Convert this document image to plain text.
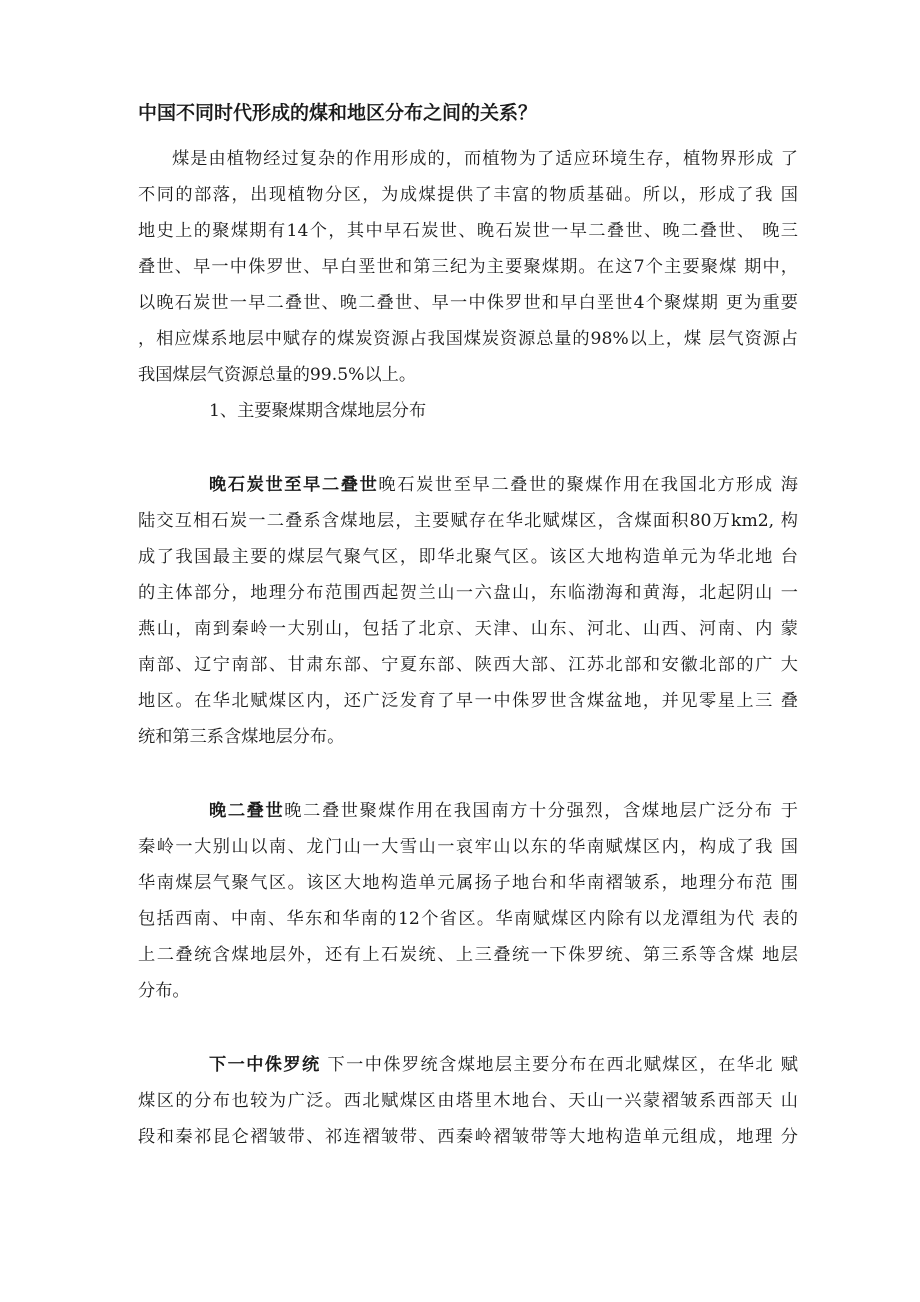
中国不同时代形成的煤和地区分布之间的关系？
煤是由植物经过复杂的作用形成的，而植物为了适应环境生存，植物界形成 了
不同的部落，出现植物分区，为成煤提供了丰富的物质基础。所以，形成了我 国
地史上的聚煤期有14个，其中早石炭世、晚石炭世一早二叠世、晚二叠世、 晚三
叠世、早一中侏罗世、早白垩世和第三纪为主要聚煤期。在这7个主要聚煤 期中，
以晚石炭世一早二叠世、晚二叠世、早一中侏罗世和早白垩世4个聚煤期 更为重要
，相应煤系地层中赋存的煤炭资源占我国煤炭资源总量的98%以上，煤 层气资源占
我国煤层气资源总量的99.5%以上。
1、主要聚煤期含煤地层分布
晚石炭世至早二叠世晚石炭世至早二叠世的聚煤作用在我国北方形成 海
陆交互相石炭一二叠系含煤地层，主要赋存在华北赋煤区，含煤面积80万km2, 构
成了我国最主要的煤层气聚气区，即华北聚气区。该区大地构造单元为华北地 台
的主体部分，地理分布范围西起贺兰山一六盘山，东临渤海和黄海，北起阴山 一
燕山，南到秦岭一大别山，包括了北京、天津、山东、河北、山西、河南、内 蒙
南部、辽宁南部、甘肃东部、宁夏东部、陕西大部、江苏北部和安徽北部的广 大
地区。在华北赋煤区内，还广泛发育了早一中侏罗世含煤盆地，并见零星上三 叠
统和第三系含煤地层分布。
晚二叠世晚二叠世聚煤作用在我国南方十分强烈，含煤地层广泛分布 于
秦岭一大别山以南、龙门山一大雪山一哀牢山以东的华南赋煤区内，构成了我 国
华南煤层气聚气区。该区大地构造单元属扬子地台和华南褶皱系，地理分布范 围
包括西南、中南、华东和华南的12个省区。华南赋煤区内除有以龙潭组为代 表的
上二叠统含煤地层外，还有上石炭统、上三叠统一下侏罗统、第三系等含煤 地层
分布。
下一中侏罗统 下一中侏罗统含煤地层主要分布在西北赋煤区，在华北 赋
煤区的分布也较为广泛。西北赋煤区由塔里木地台、天山一兴蒙褶皱系西部天 山
段和秦祁昆仑褶皱带、祁连褶皱带、西秦岭褶皱带等大地构造单元组成，地理 分
